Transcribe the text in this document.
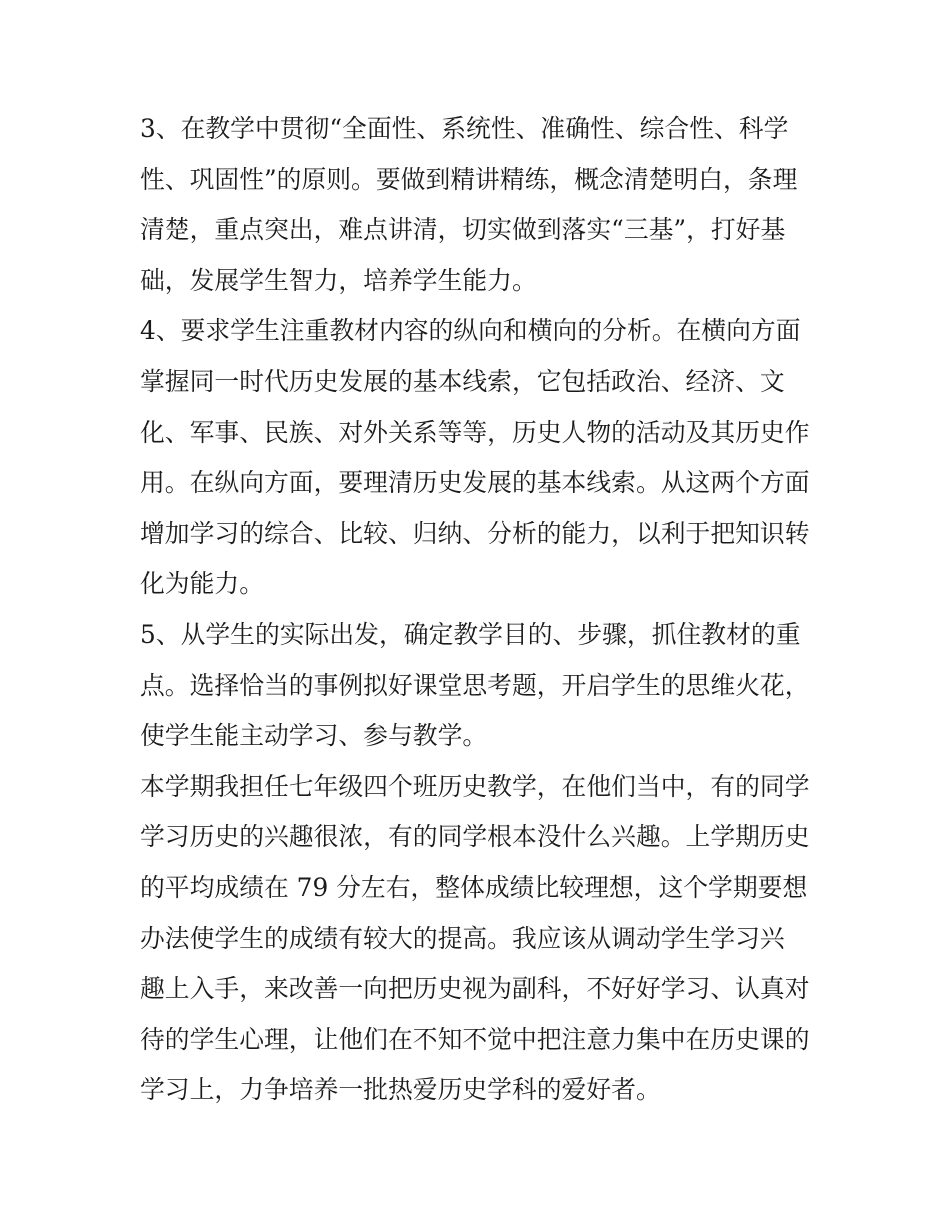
3、在教学中贯彻“全面性、系统性、准确性、综合性、科学
性、巩固性”的原则。要做到精讲精练，概念清楚明白，条理
清楚，重点突出，难点讲清，切实做到落实“三基”，打好基
础，发展学生智力，培养学生能力。
4、要求学生注重教材内容的纵向和横向的分析。在横向方面
掌握同一时代历史发展的基本线索，它包括政治、经济、文
化、军事、民族、对外关系等等，历史人物的活动及其历史作
用。在纵向方面，要理清历史发展的基本线索。从这两个方面
增加学习的综合、比较、归纳、分析的能力，以利于把知识转
化为能力。
5、从学生的实际出发，确定教学目的、步骤，抓住教材的重
点。选择恰当的事例拟好课堂思考题，开启学生的思维火花，
使学生能主动学习、参与教学。
本学期我担任七年级四个班历史教学，在他们当中，有的同学
学习历史的兴趣很浓，有的同学根本没什么兴趣。上学期历史
的平均成绩在 79 分左右，整体成绩比较理想，这个学期要想
办法使学生的成绩有较大的提高。我应该从调动学生学习兴
趣上入手，来改善一向把历史视为副科，不好好学习、认真对
待的学生心理，让他们在不知不觉中把注意力集中在历史课的
学习上，力争培养一批热爱历史学科的爱好者。
